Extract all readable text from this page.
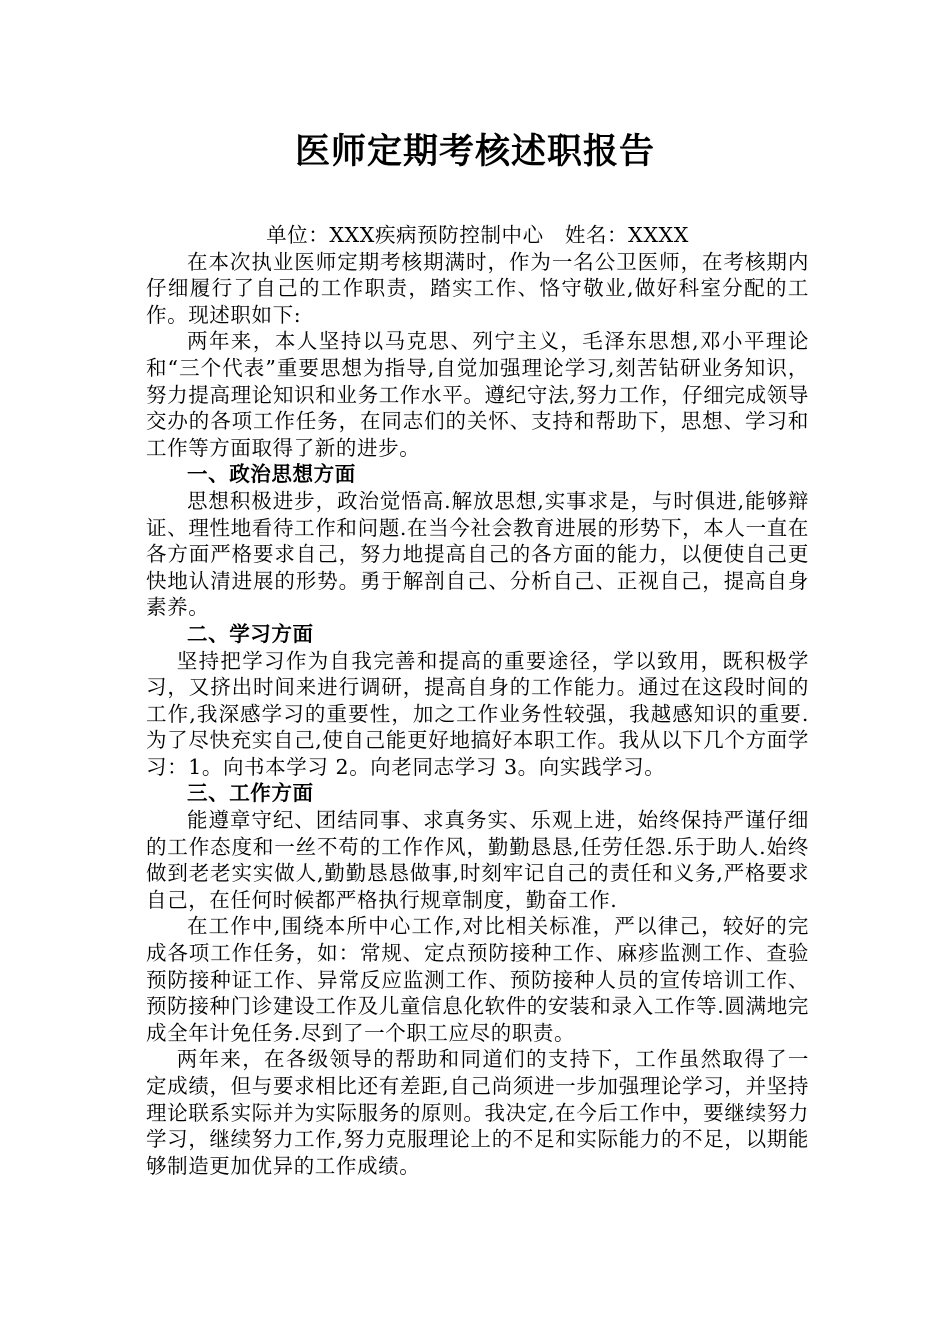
医师定期考核述职报告

单位：XXX疾病预防控制中心　姓名：XXXX

在本次执业医师定期考核期满时，作为一名公卫医师，在考核期内仔细履行了自己的工作职责，踏实工作、恪守敬业,做好科室分配的工作。现述职如下:

两年来，本人坚持以马克思、列宁主义，毛泽东思想,邓小平理论和“三个代表”重要思想为指导,自觉加强理论学习,刻苦钻研业务知识，努力提高理论知识和业务工作水平。遵纪守法,努力工作，仔细完成领导交办的各项工作任务，在同志们的关怀、支持和帮助下，思想、学习和工作等方面取得了新的进步。

一、政治思想方面

思想积极进步，政治觉悟高.解放思想,实事求是，与时俱进,能够辩证、理性地看待工作和问题.在当今社会教育进展的形势下，本人一直在各方面严格要求自己，努力地提高自己的各方面的能力，以便使自己更快地认清进展的形势。勇于解剖自己、分析自己、正视自己，提高自身素养。

二、学习方面

坚持把学习作为自我完善和提高的重要途径，学以致用，既积极学习，又挤出时间来进行调研，提高自身的工作能力。通过在这段时间的工作,我深感学习的重要性，加之工作业务性较强，我越感知识的重要.为了尽快充实自己,使自己能更好地搞好本职工作。我从以下几个方面学习：1。向书本学习 2。向老同志学习 3。向实践学习。

三、工作方面

能遵章守纪、团结同事、求真务实、乐观上进，始终保持严谨仔细的工作态度和一丝不苟的工作作风，勤勤恳恳,任劳任怨.乐于助人.始终做到老老实实做人,勤勤恳恳做事,时刻牢记自己的责任和义务,严格要求自己，在任何时候都严格执行规章制度，勤奋工作.

在工作中,围绕本所中心工作,对比相关标准，严以律己，较好的完成各项工作任务，如：常规、定点预防接种工作、麻疹监测工作、查验预防接种证工作、异常反应监测工作、预防接种人员的宣传培训工作、预防接种门诊建设工作及儿童信息化软件的安装和录入工作等.圆满地完成全年计免任务.尽到了一个职工应尽的职责。

两年来，在各级领导的帮助和同道们的支持下，工作虽然取得了一定成绩，但与要求相比还有差距,自己尚须进一步加强理论学习，并坚持理论联系实际并为实际服务的原则。我决定,在今后工作中，要继续努力学习，继续努力工作,努力克服理论上的不足和实际能力的不足，以期能够制造更加优异的工作成绩。
